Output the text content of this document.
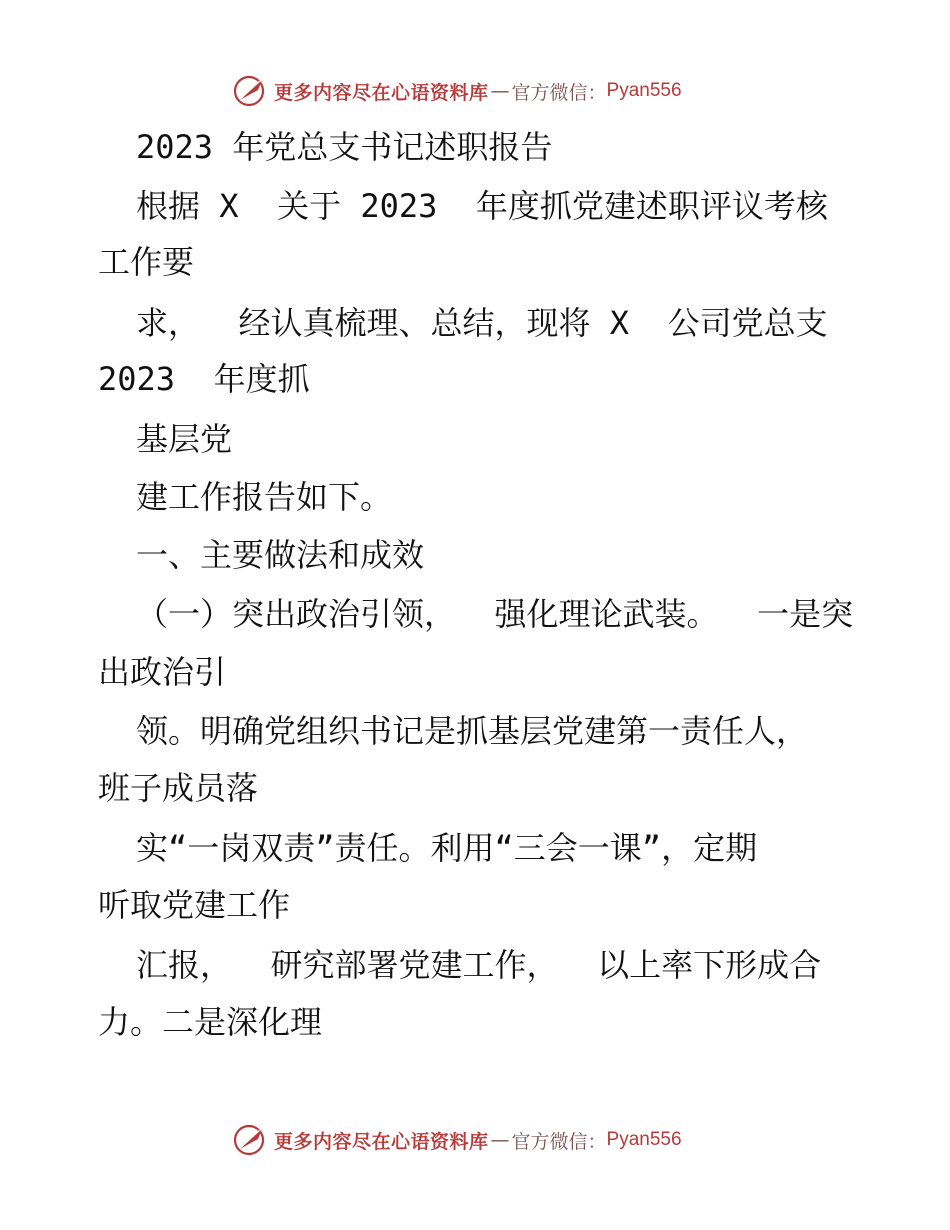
更多内容尽在心语资料库 — 官方微信： Pyan556
2023 年党总支书记述职报告
根据 X  关于 2023  年度抓党建述职评议考核
工作要
求，  经认真梳理、总结，现将 X  公司党总支
2023  年度抓
基层党
建工作报告如下。
一、主要做法和成效
（一）突出政治引领，  强化理论武装。  一是突
出政治引
领。明确党组织书记是抓基层党建第一责任人，
班子成员落
实“一岗双责”责任。利用“三会一课”，定期
听取党建工作
汇报，  研究部署党建工作，  以上率下形成合
力。二是深化理
更多内容尽在心语资料库 — 官方微信： Pyan556
